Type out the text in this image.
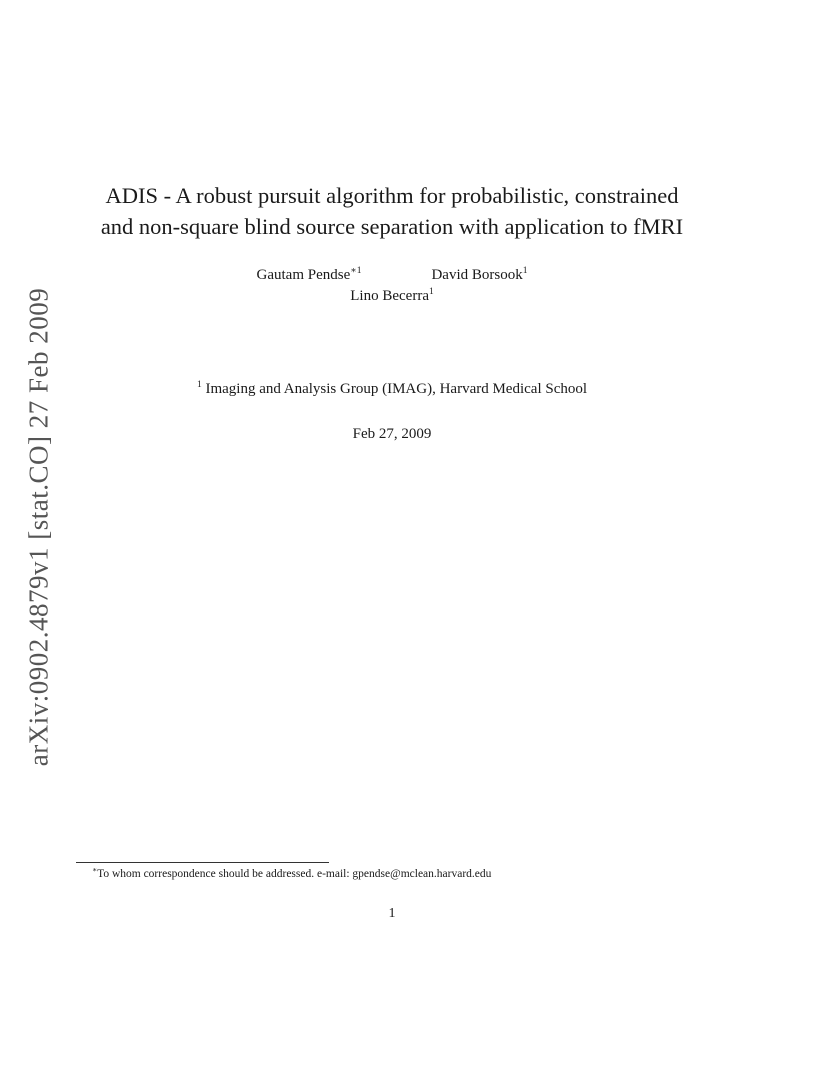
arXiv:0902.4879v1 [stat.CO] 27 Feb 2009
ADIS - A robust pursuit algorithm for probabilistic, constrained
and non-square blind source separation with application to fMRI
Gautam Pendse$^{∗1}$	David Borsook$^1$
Lino Becerra$^1$
$^1$ Imaging and Analysis Group (IMAG), Harvard Medical School
Feb 27, 2009
∗To whom correspondence should be addressed. e-mail: gpendse@mclean.harvard.edu
1
